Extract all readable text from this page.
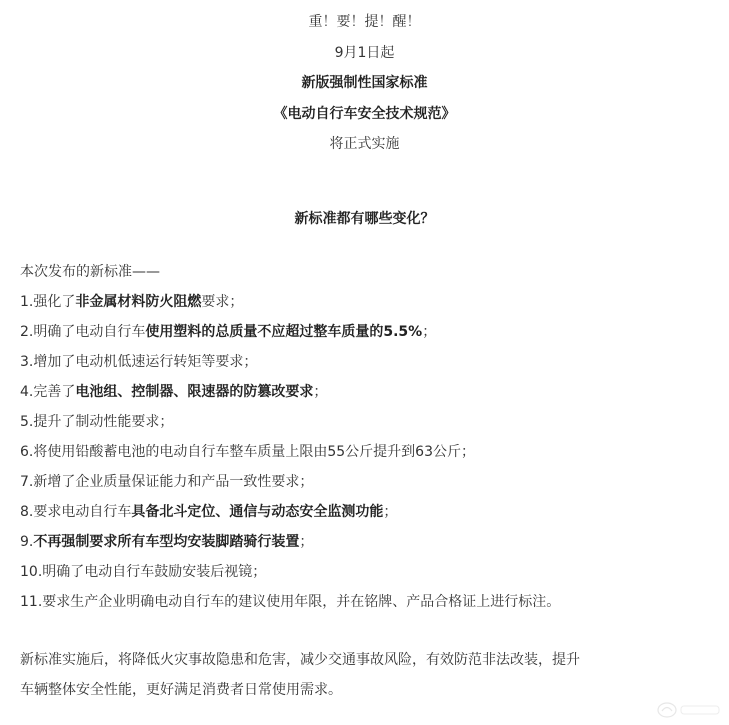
重！要！提！醒！
9月1日起
新版强制性国家标准
《电动自行车安全技术规范》
将正式实施
新标准都有哪些变化？
本次发布的新标准——
1.强化了非金属材料防火阻燃要求；
2.明确了电动自行车使用塑料的总质量不应超过整车质量的5.5%；
3.增加了电动机低速运行转矩等要求；
4.完善了电池组、控制器、限速器的防篡改要求；
5.提升了制动性能要求；
6.将使用铅酸蓄电池的电动自行车整车质量上限由55公斤提升到63公斤；
7.新增了企业质量保证能力和产品一致性要求；
8.要求电动自行车具备北斗定位、通信与动态安全监测功能；
9.不再强制要求所有车型均安装脚踏骑行装置；
10.明确了电动自行车鼓励安装后视镜；
11.要求生产企业明确电动自行车的建议使用年限，并在铭牌、产品合格证上进行标注。
新标准实施后，将降低火灾事故隐患和危害，减少交通事故风险，有效防范非法改装，提升
车辆整体安全性能，更好满足消费者日常使用需求。
